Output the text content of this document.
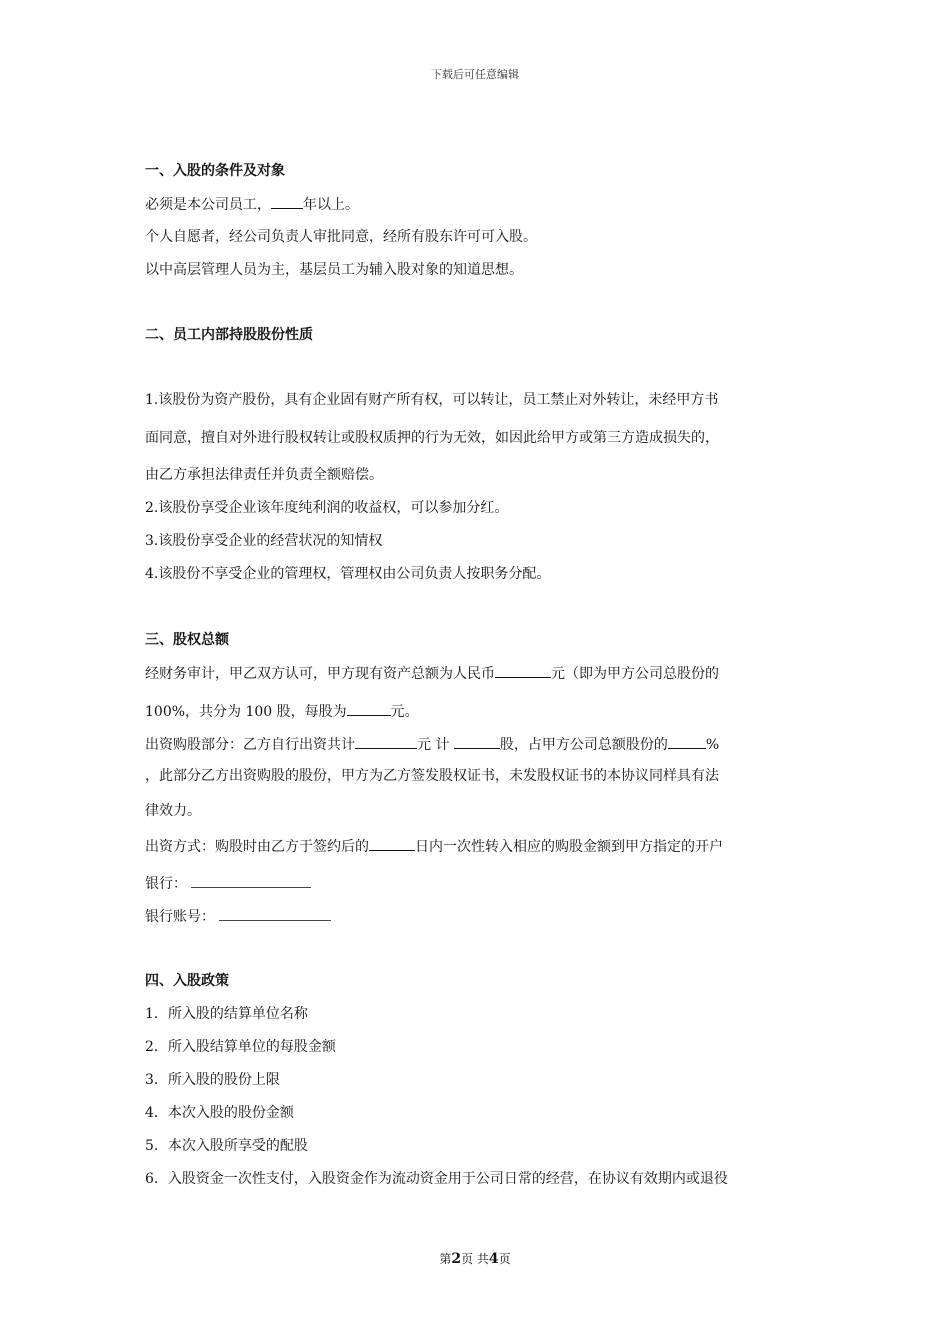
下载后可任意编辑
一、入股的条件及对象
必须是本公司员工， 年以上。
个人自愿者，经公司负责人审批同意，经所有股东许可可入股。
以中高层管理人员为主，基层员工为辅入股对象的知道思想。
二、员工内部持股股份性质
1.该股份为资产股份，具有企业固有财产所有权，可以转让，员工禁止对外转让，未经甲方书
面同意，擅自对外进行股权转让或股权质押的行为无效，如因此给甲方或第三方造成损失的，
由乙方承担法律责任并负责全额赔偿。
2.该股份享受企业该年度纯利润的收益权，可以参加分红。
3.该股份享受企业的经营状况的知情权
4.该股份不享受企业的管理权，管理权由公司负责人按职务分配。
三、股权总额
经财务审计，甲乙双方认可，甲方现有资产总额为人民币	元（即为甲方公司总股份的
100%，共分为 100 股，每股为	元。
出资购股部分：乙方自行出资共计	元 计	股，占甲方公司总额股份的	%
，此部分乙方出资购股的股份，甲方为乙方签发股权证书，未发股权证书的本协议同样具有法
律效力。
出资方式：购股时由乙方于签约后的	日内一次性转入相应的购股金额到甲方指定的开户
银行：
银行账号：
四、入股政策
1．所入股的结算单位名称
2．所入股结算单位的每股金额
3．所入股的股份上限
4．本次入股的股份金额
5．本次入股所享受的配股
6．入股资金一次性支付，入股资金作为流动资金用于公司日常的经营，在协议有效期内或退役
第2页 共4页
